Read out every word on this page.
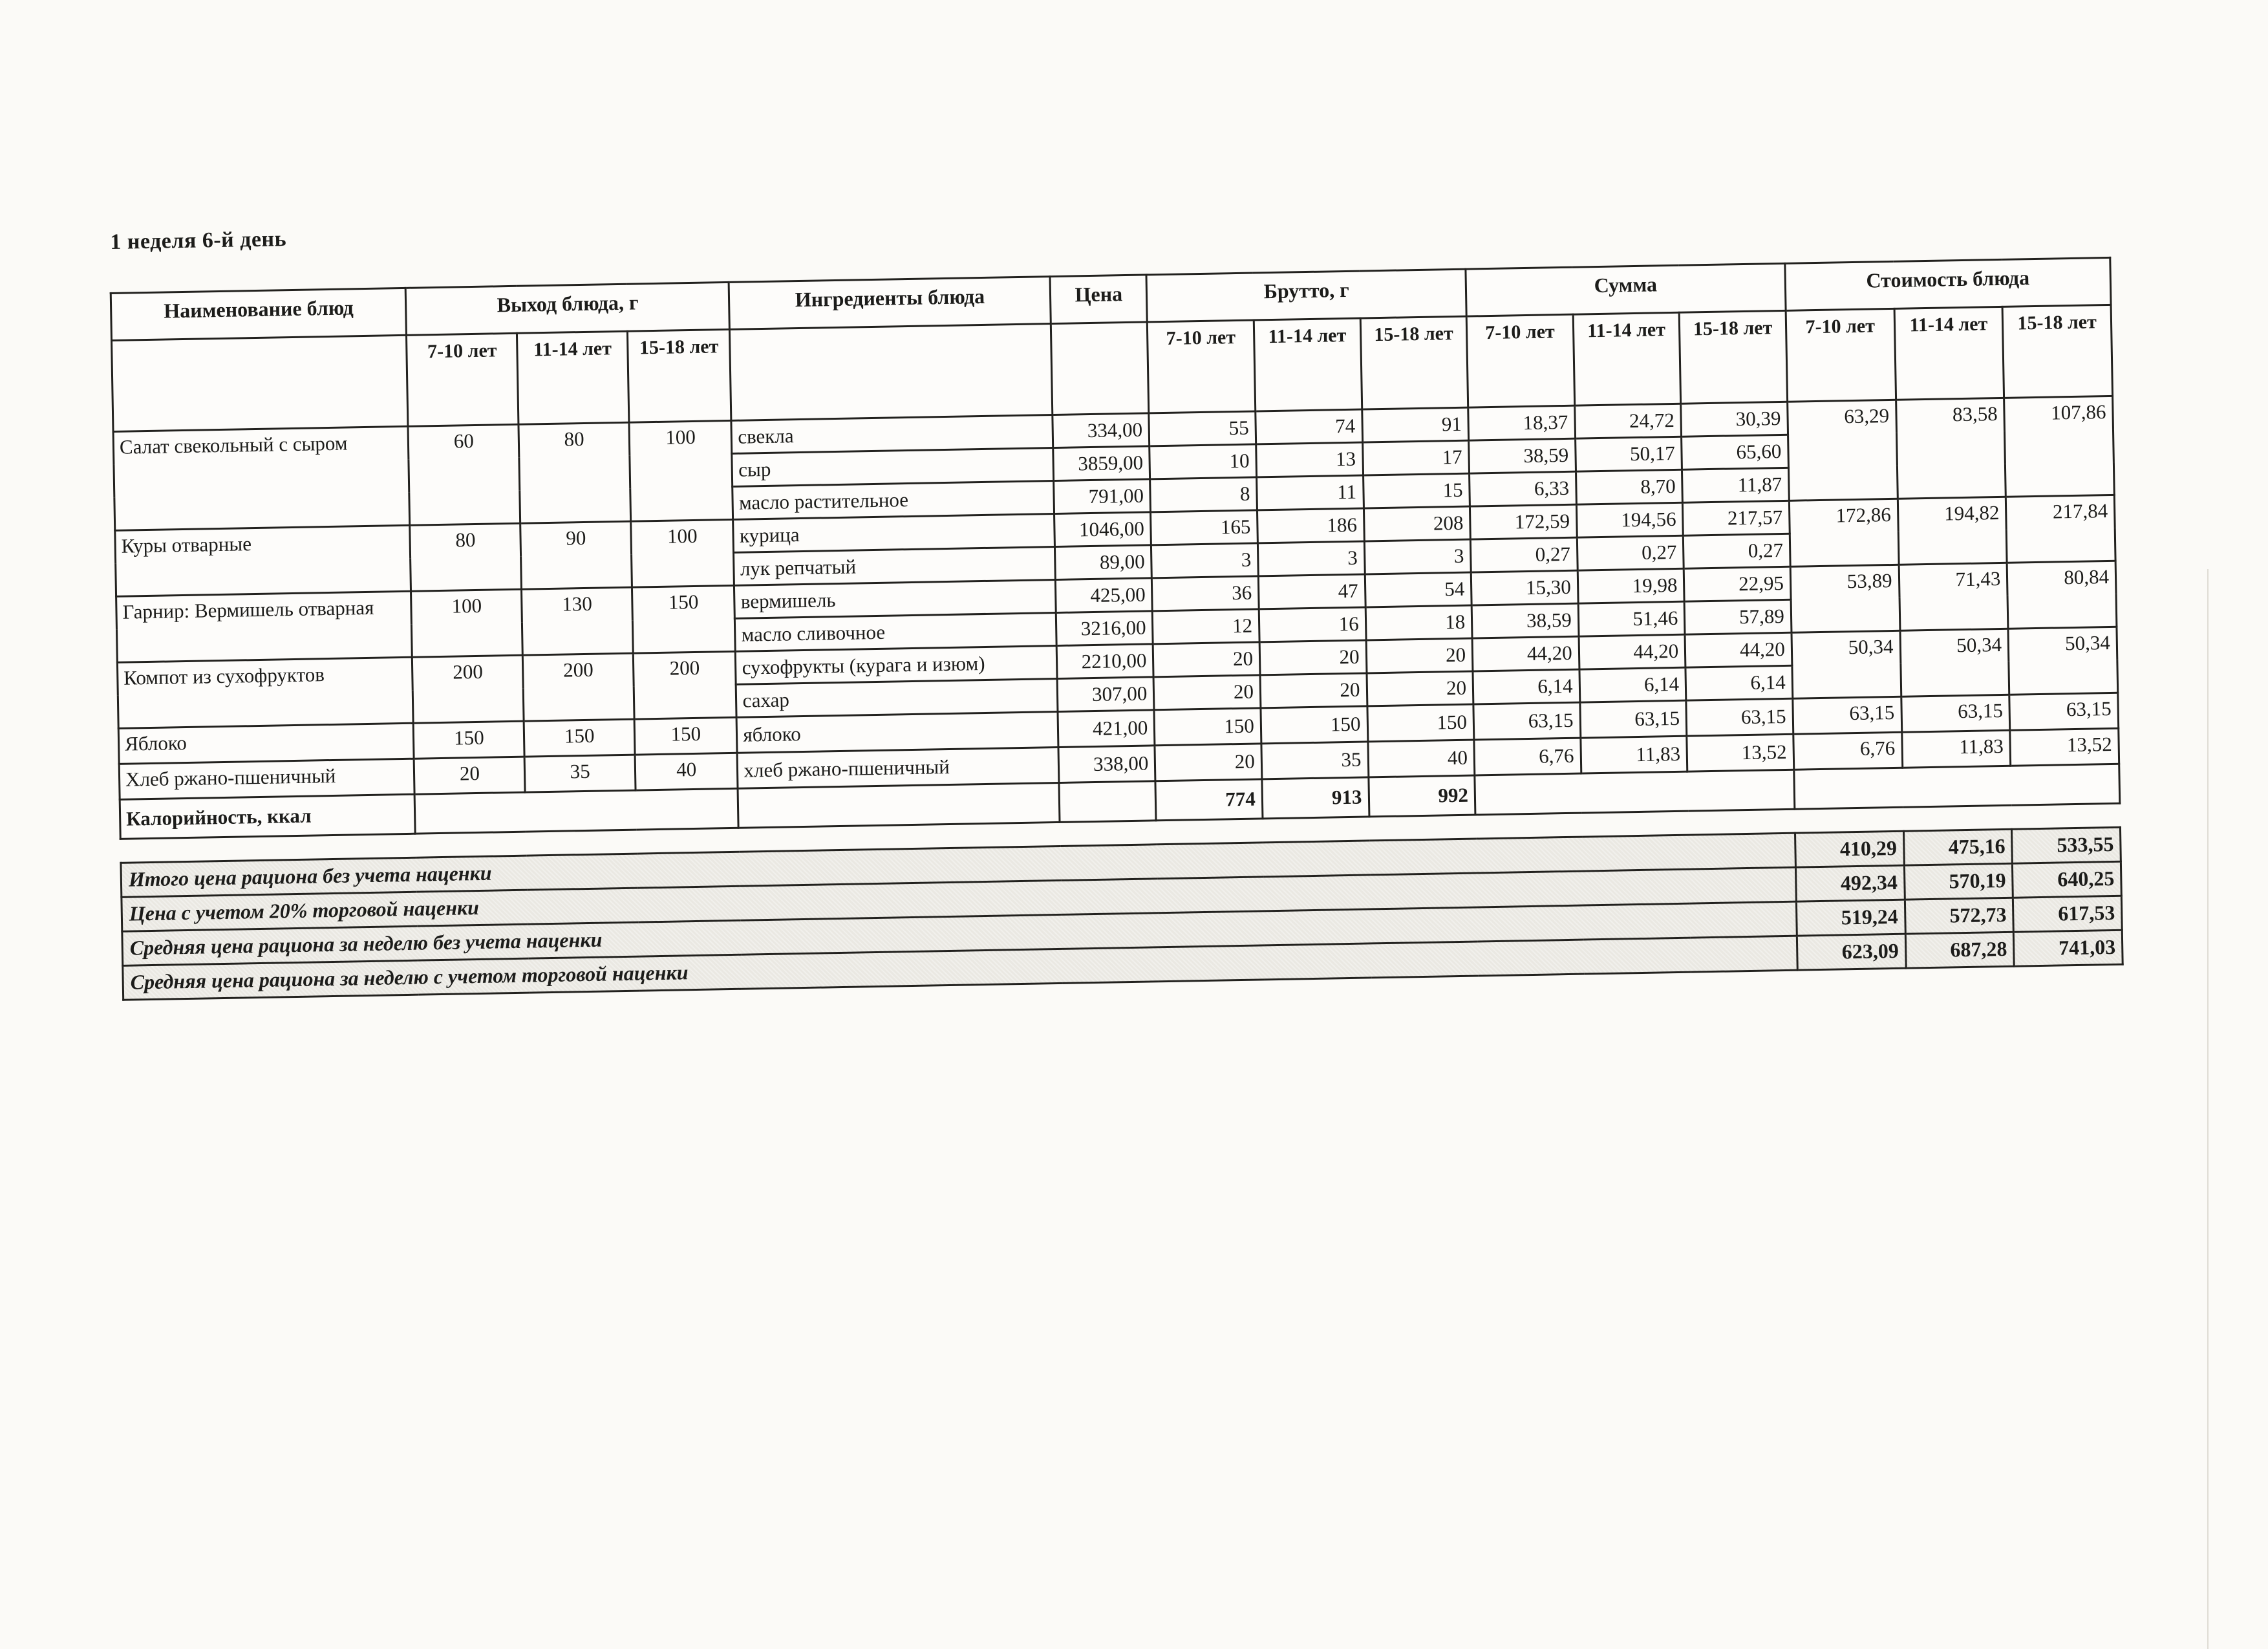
1 неделя 6-й день
Наименование блюд	Выход блюда, г			Ингредиенты блюда	Цена	Брутто, г			Сумма			Стоимость блюда		
	7-10 лет	11-14 лет	15-18 лет			7-10 лет	11-14 лет	15-18 лет	7-10 лет	11-14 лет	15-18 лет	7-10 лет	11-14 лет	15-18 лет
Салат свекольный с сыром	60	80	100	свекла	334,00	55	74	91	18,37	24,72	30,39	63,29	83,58	107,86
				сыр	3859,00	10	13	17	38,59	50,17	65,60			
				масло растительное	791,00	8	11	15	6,33	8,70	11,87			
Куры отварные	80	90	100	курица	1046,00	165	186	208	172,59	194,56	217,57	172,86	194,82	217,84
				лук репчатый	89,00	3	3	3	0,27	0,27	0,27			
Гарнир: Вермишель отварная	100	130	150	вермишель	425,00	36	47	54	15,30	19,98	22,95	53,89	71,43	80,84
				масло сливочное	3216,00	12	16	18	38,59	51,46	57,89			
Компот из сухофруктов	200	200	200	сухофрукты (курага и изюм)	2210,00	20	20	20	44,20	44,20	44,20	50,34	50,34	50,34
				сахар	307,00	20	20	20	6,14	6,14	6,14			
Яблоко	150	150	150	яблоко	421,00	150	150	150	63,15	63,15	63,15	63,15	63,15	63,15
Хлеб ржано-пшеничный	20	35	40	хлеб ржано-пшеничный	338,00	20	35	40	6,76	11,83	13,52	6,76	11,83	13,52
Калорийность, ккал						774	913	992						
Итого цена рациона без учета наценки	410,29	475,16	533,55
Цена с учетом 20% торговой наценки	492,34	570,19	640,25
Средняя цена рациона за неделю без учета наценки	519,24	572,73	617,53
Средняя цена рациона за неделю с учетом торговой наценки	623,09	687,28	741,03
